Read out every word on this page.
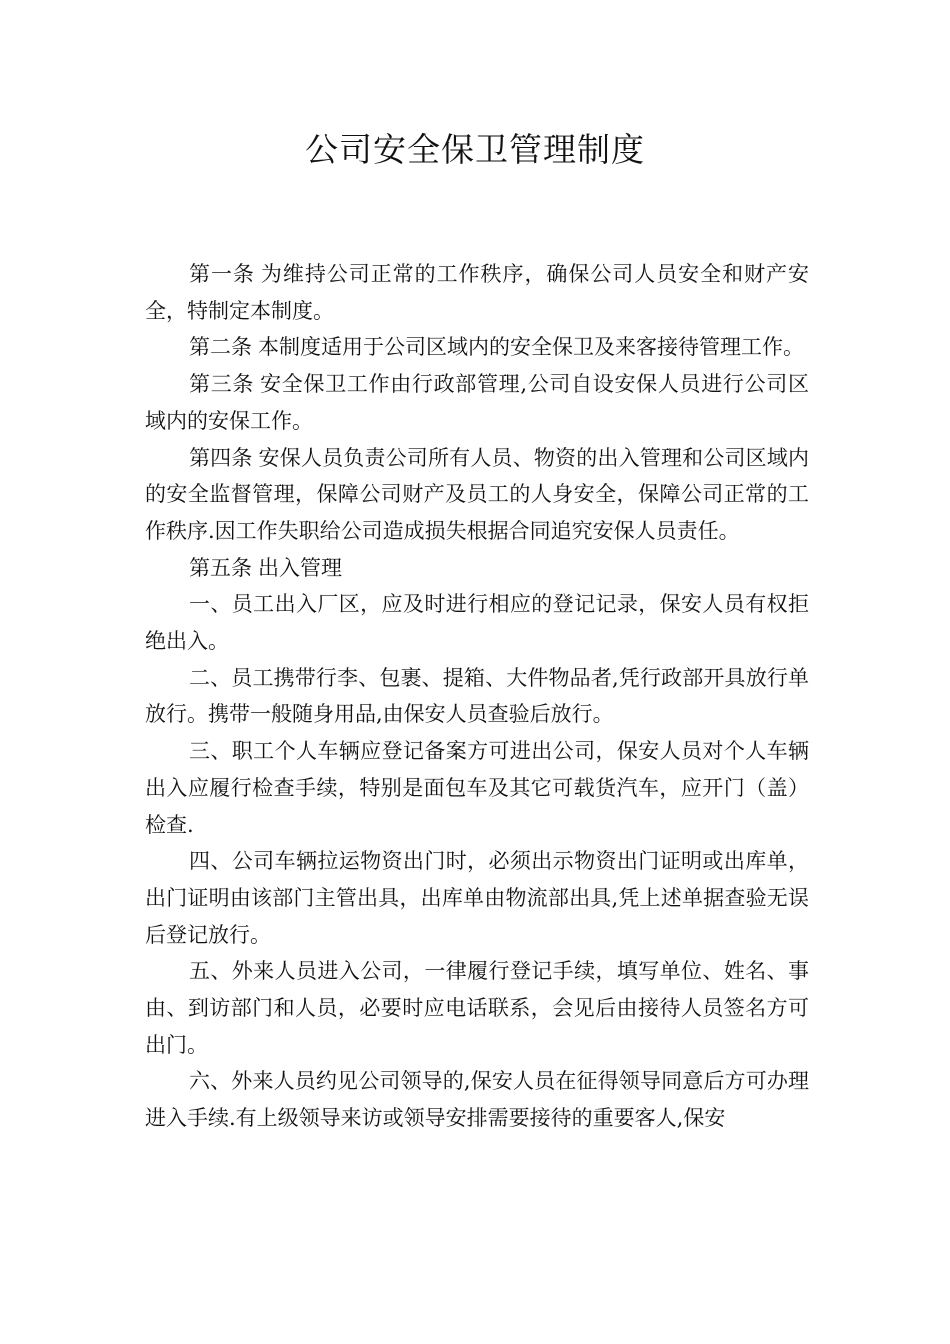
公司安全保卫管理制度

第一条 为维持公司正常的工作秩序，确保公司人员安全和财产安全，特制定本制度。

第二条 本制度适用于公司区域内的安全保卫及来客接待管理工作。

第三条 安全保卫工作由行政部管理,公司自设安保人员进行公司区域内的安保工作。

第四条 安保人员负责公司所有人员、物资的出入管理和公司区域内的安全监督管理，保障公司财产及员工的人身安全，保障公司正常的工作秩序.因工作失职给公司造成损失根据合同追究安保人员责任。

第五条 出入管理

一、员工出入厂区，应及时进行相应的登记记录，保安人员有权拒绝出入。

二、员工携带行李、包裹、提箱、大件物品者,凭行政部开具放行单放行。携带一般随身用品,由保安人员查验后放行。

三、职工个人车辆应登记备案方可进出公司，保安人员对个人车辆出入应履行检查手续，特别是面包车及其它可载货汽车，应开门（盖）检查.

四、公司车辆拉运物资出门时，必须出示物资出门证明或出库单，出门证明由该部门主管出具，出库单由物流部出具,凭上述单据查验无误后登记放行。

五、外来人员进入公司，一律履行登记手续，填写单位、姓名、事由、到访部门和人员，必要时应电话联系，会见后由接待人员签名方可出门。

六、外来人员约见公司领导的,保安人员在征得领导同意后方可办理进入手续.有上级领导来访或领导安排需要接待的重要客人,保安
